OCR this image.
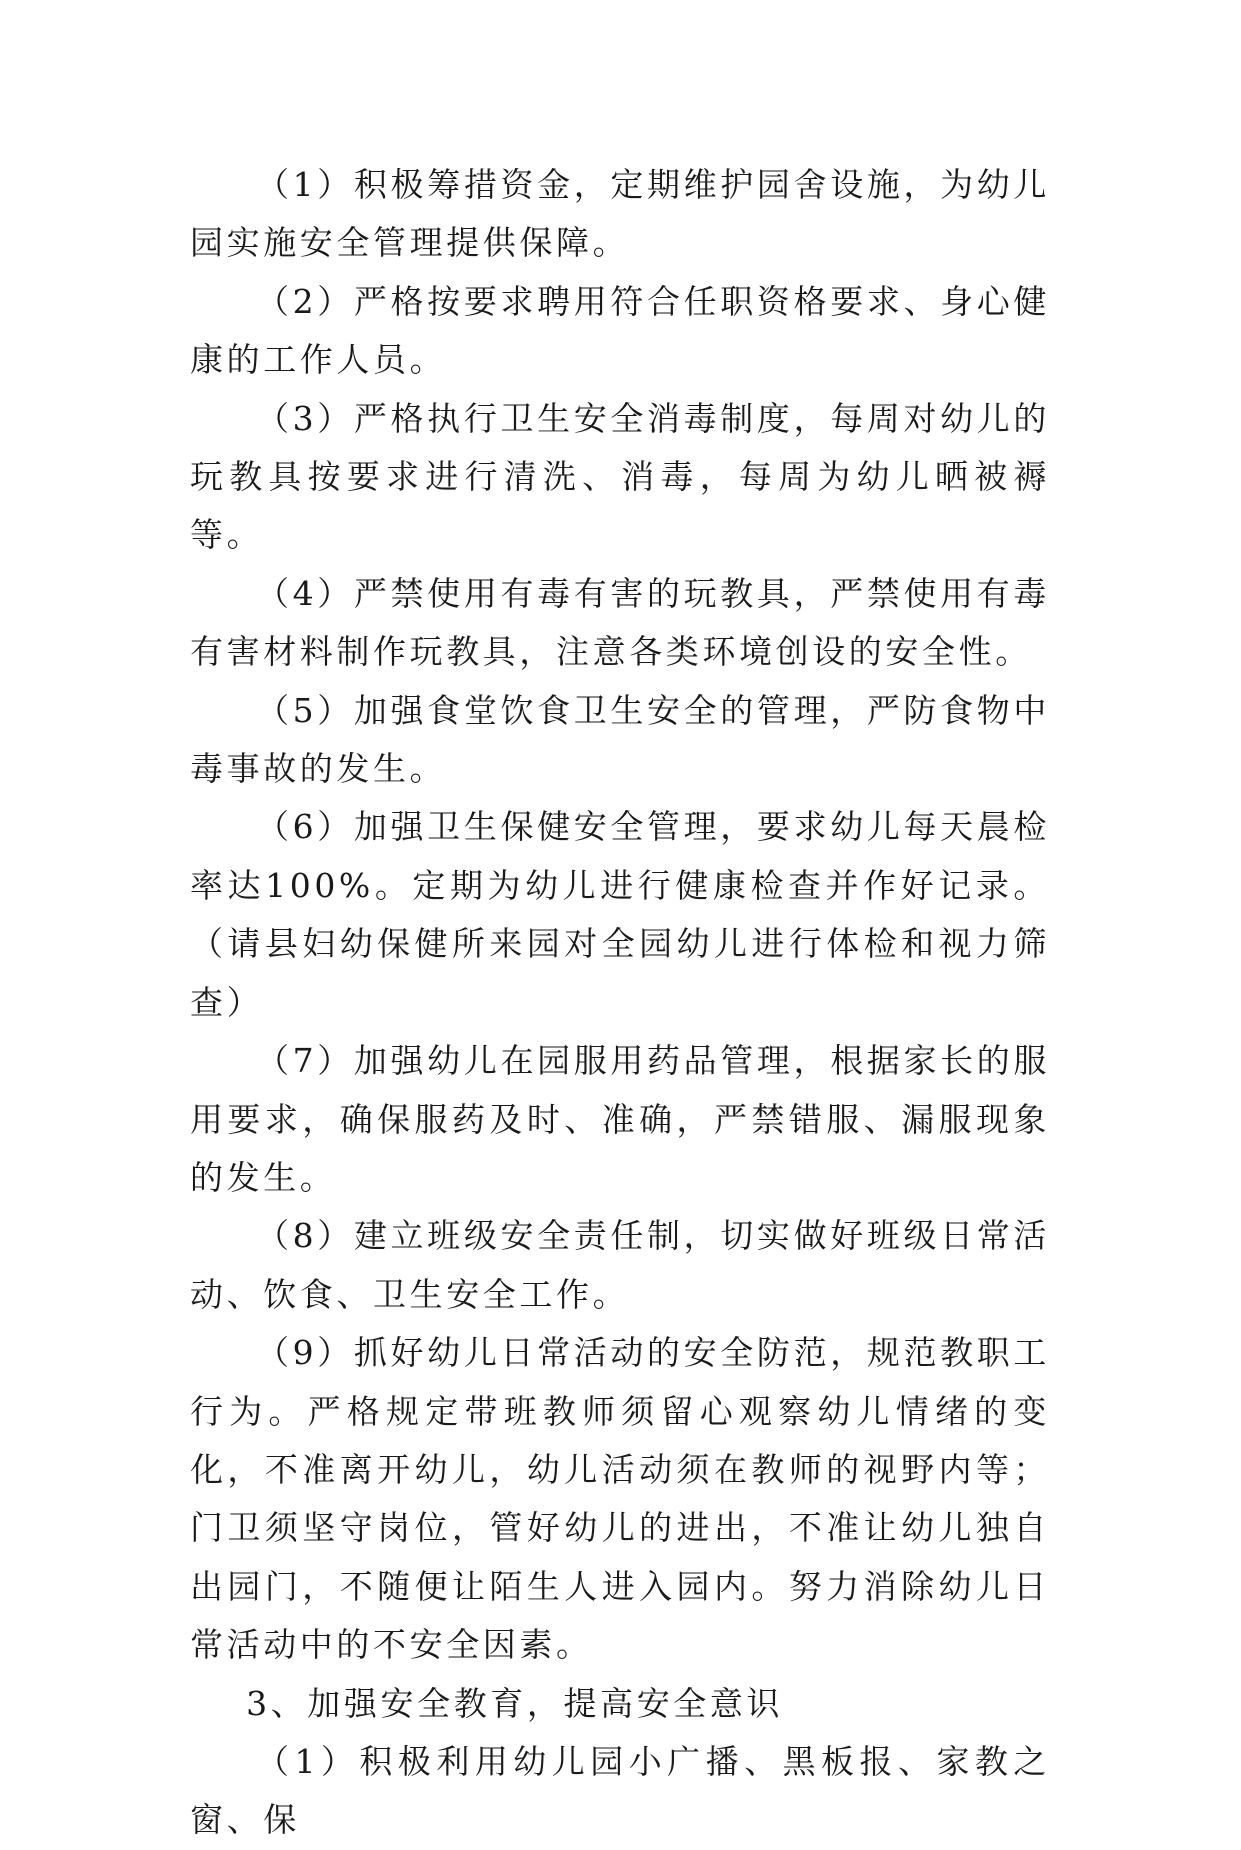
（1）积极筹措资金，定期维护园舍设施，为幼儿园实施安全管理提供保障。

（2）严格按要求聘用符合任职资格要求、身心健康的工作人员。

（3）严格执行卫生安全消毒制度，每周对幼儿的玩教具按要求进行清洗、消毒，每周为幼儿晒被褥等。

（4）严禁使用有毒有害的玩教具，严禁使用有毒有害材料制作玩教具，注意各类环境创设的安全性。

（5）加强食堂饮食卫生安全的管理，严防食物中毒事故的发生。

（6）加强卫生保健安全管理，要求幼儿每天晨检率达100%。定期为幼儿进行健康检查并作好记录。（请县妇幼保健所来园对全园幼儿进行体检和视力筛查）

（7）加强幼儿在园服用药品管理，根据家长的服用要求，确保服药及时、准确，严禁错服、漏服现象的发生。

（8）建立班级安全责任制，切实做好班级日常活动、饮食、卫生安全工作。

（9）抓好幼儿日常活动的安全防范，规范教职工行为。严格规定带班教师须留心观察幼儿情绪的变化，不准离开幼儿，幼儿活动须在教师的视野内等；门卫须坚守岗位，管好幼儿的进出，不准让幼儿独自出园门，不随便让陌生人进入园内。努力消除幼儿日常活动中的不安全因素。

3、加强安全教育，提高安全意识

（1）积极利用幼儿园小广播、黑板报、家教之窗、保
